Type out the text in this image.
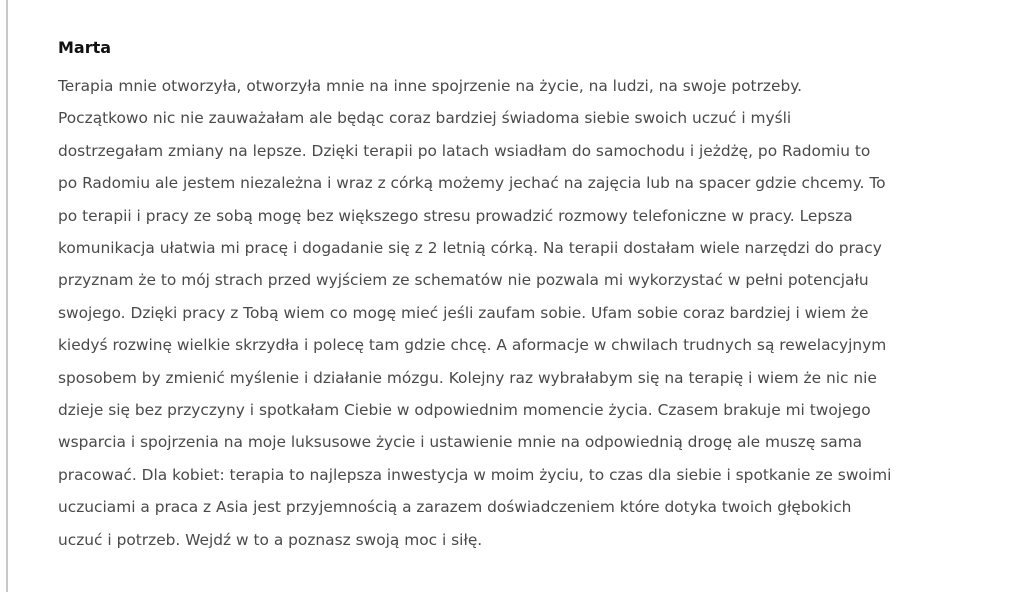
Marta

Terapia mnie otworzyła, otworzyła mnie na inne spojrzenie na życie, na ludzi, na swoje potrzeby.
Początkowo nic nie zauważałam ale będąc coraz bardziej świadoma siebie swoich uczuć i myśli
dostrzegałam zmiany na lepsze. Dzięki terapii po latach wsiadłam do samochodu i jeżdżę, po Radomiu to
po Radomiu ale jestem niezależna i wraz z córką możemy jechać na zajęcia lub na spacer gdzie chcemy. To
po terapii i pracy ze sobą mogę bez większego stresu prowadzić rozmowy telefoniczne w pracy. Lepsza
komunikacja ułatwia mi pracę i dogadanie się z 2 letnią córką. Na terapii dostałam wiele narzędzi do pracy
przyznam że to mój strach przed wyjściem ze schematów nie pozwala mi wykorzystać w pełni potencjału
swojego. Dzięki pracy z Tobą wiem co mogę mieć jeśli zaufam sobie. Ufam sobie coraz bardziej i wiem że
kiedyś rozwinę wielkie skrzydła i polecę tam gdzie chcę. A aformacje w chwilach trudnych są rewelacyjnym
sposobem by zmienić myślenie i działanie mózgu. Kolejny raz wybrałabym się na terapię i wiem że nic nie
dzieje się bez przyczyny i spotkałam Ciebie w odpowiednim momencie życia. Czasem brakuje mi twojego
wsparcia i spojrzenia na moje luksusowe życie i ustawienie mnie na odpowiednią drogę ale muszę sama
pracować. Dla kobiet: terapia to najlepsza inwestycja w moim życiu, to czas dla siebie i spotkanie ze swoimi
uczuciami a praca z Asia jest przyjemnością a zarazem doświadczeniem które dotyka twoich głębokich
uczuć i potrzeb. Wejdź w to a poznasz swoją moc i siłę.
